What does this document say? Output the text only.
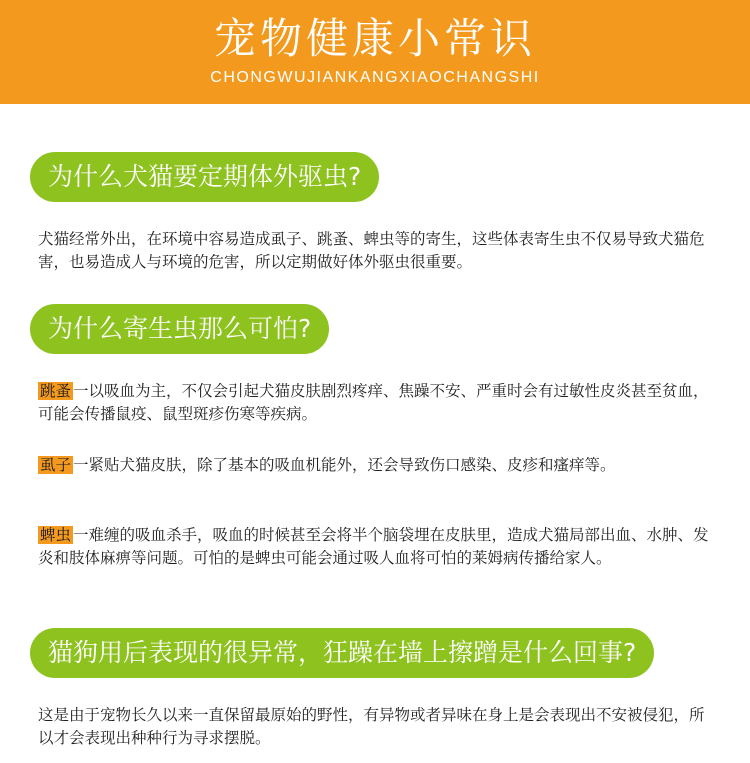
宠物健康小常识
CHONGWUJIANKANGXIAOCHANGSHI
为什么犬猫要定期体外驱虫?
犬猫经常外出，在环境中容易造成虱子、跳蚤、蜱虫等的寄生，这些体表寄生虫不仅易导致犬猫危害，也易造成人与环境的危害，所以定期做好体外驱虫很重要。
为什么寄生虫那么可怕?
跳蚤 一以吸血为主，不仅会引起犬猫皮肤剧烈疼痒、焦躁不安、严重时会有过敏性皮炎甚至贫血，可能会传播鼠疫、鼠型斑疹伤寒等疾病。
虱子 一紧贴犬猫皮肤，除了基本的吸血机能外，还会导致伤口感染、皮疹和瘙痒等。
蜱虫 一难缠的吸血杀手，吸血的时候甚至会将半个脑袋埋在皮肤里，造成犬猫局部出血、水肿、发炎和肢体麻痹等问题。可怕的是蜱虫可能会通过吸人血将可怕的莱姆病传播给家人。
猫狗用后表现的很异常，狂躁在墙上擦蹭是什么回事?
这是由于宠物长久以来一直保留最原始的野性，有异物或者异味在身上是会表现出不安被侵犯，所以才会表现出种种行为寻求摆脱。
